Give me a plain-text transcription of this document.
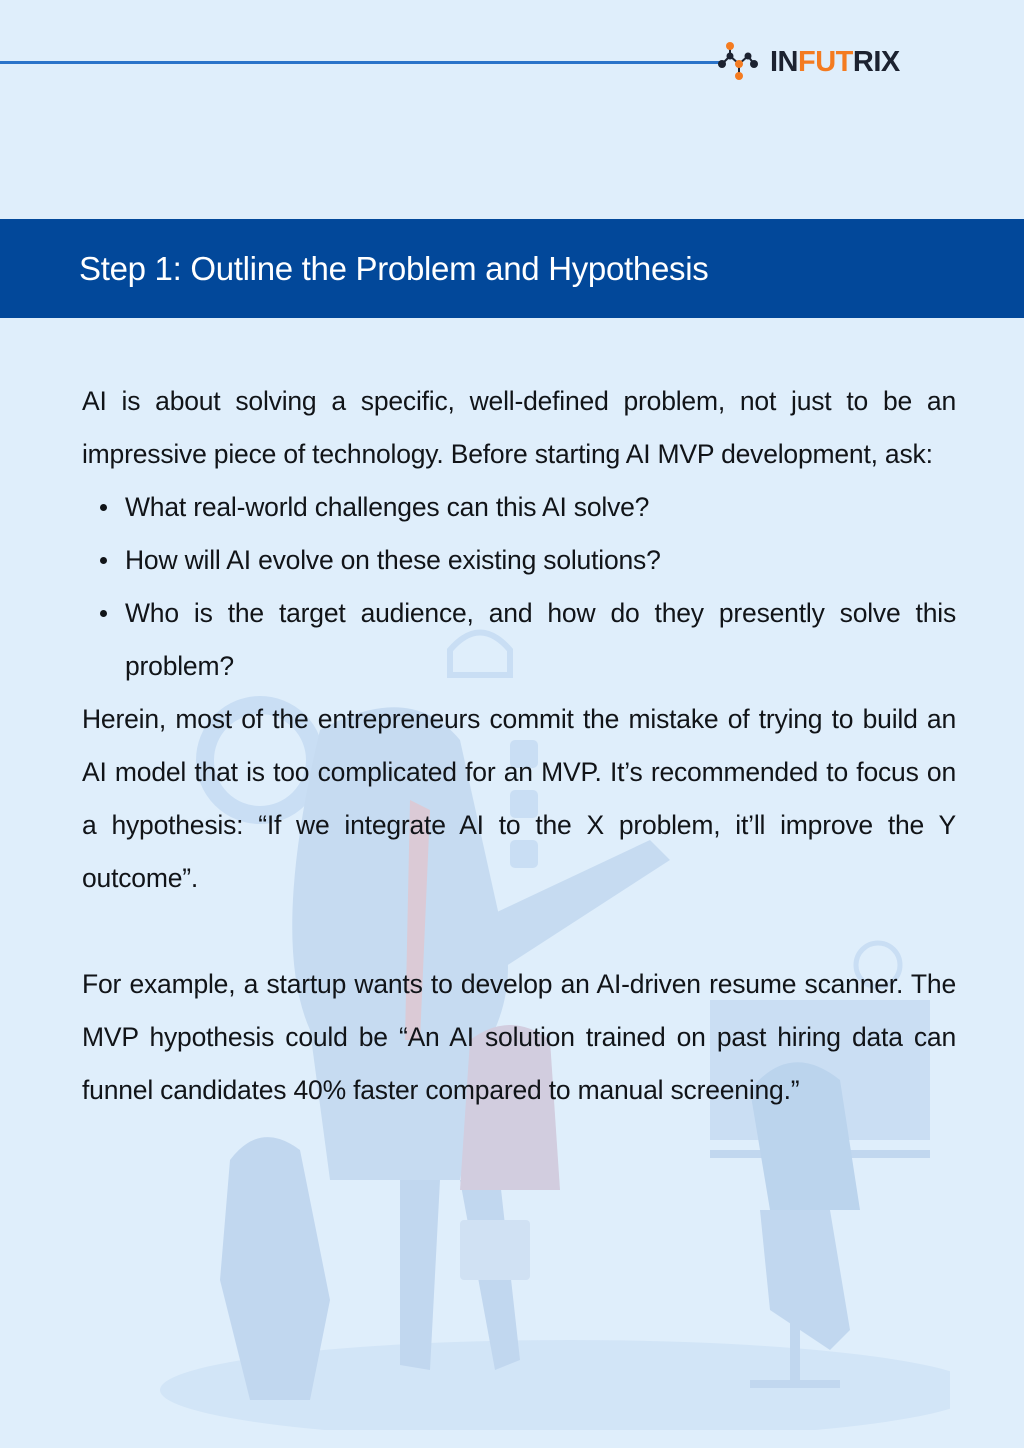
INFUTRIX
Step 1: Outline the Problem and Hypothesis

AI is about solving a specific, well-defined problem, not just to be an impressive piece of technology. Before starting AI MVP development, ask:

What real-world challenges can this AI solve?
How will AI evolve on these existing solutions?
Who is the target audience, and how do they presently solve this problem?

Herein, most of the entrepreneurs commit the mistake of trying to build an AI model that is too complicated for an MVP. It’s recommended to focus on a hypothesis: “If we integrate AI to the X problem, it’ll improve the Y outcome”.

For example, a startup wants to develop an AI-driven resume scanner. The MVP hypothesis could be “An AI solution trained on past hiring data can funnel candidates 40% faster compared to manual screening.”
